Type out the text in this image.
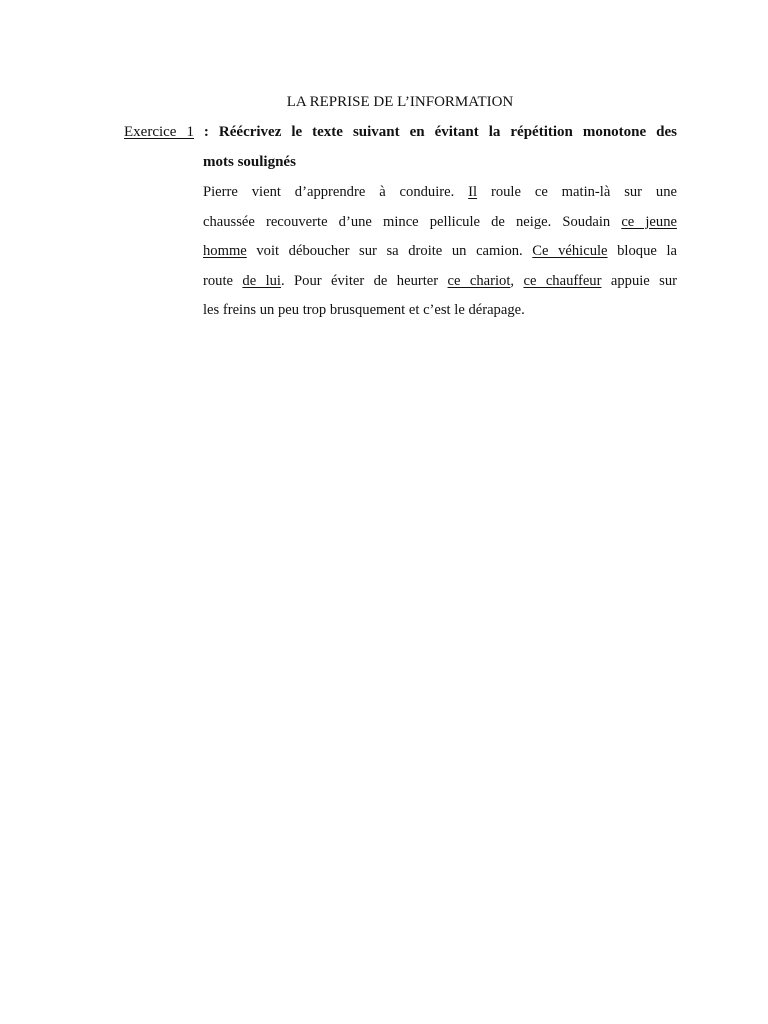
LA REPRISE DE L’INFORMATION
Exercice 1 : Réécrivez le texte suivant en évitant la répétition monotone des
mots soulignés
Pierre vient d’apprendre à conduire. Il roule ce matin-là sur une
chaussée recouverte d’une mince pellicule de neige. Soudain ce jeune
homme voit déboucher sur sa droite un camion. Ce véhicule bloque la
route de lui. Pour éviter de heurter ce chariot, ce chauffeur appuie sur
les freins un peu trop brusquement et c’est le dérapage.
